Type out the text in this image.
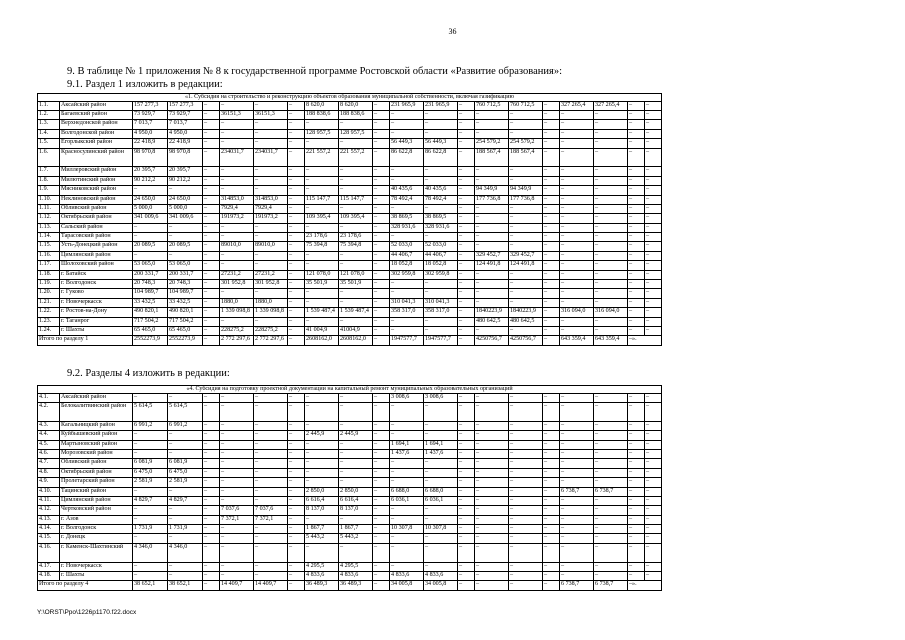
36
9. В таблице № 1 приложения № 8 к государственной программе Ростовской области «Развитие образования»:
9.1. Раздел 1 изложить в редакции:
«1. Субсидия на строительство и реконструкцию объектов образования муниципальной собственности, включая газификацию																				
1.1.	Аксайский район	157 277,3	157 277,3	–	–	–	–	8 620,0	8 620,0	–	231 965,9	231 965,9	–	760 712,5	760 712,5	–	327 265,4	327 265,4	–	–
1.2.	Багаевский район	73 929,7	73 929,7	–	36151,3	36151,3	–	188 838,6	188 838,6	–	–	–	–	–	–	–	–	–	–	–
1.3.	Верхнедонской район	7 013,7	7 013,7	–	–	–	–	–	–	–	–	–	–	–	–	–	–	–	–	–
1.4.	Волгодонской район	4 950,0	4 950,0	–	–	–	–	128 957,5	128 957,5	–	–	–	–	–	–	–	–	–	–	–
1.5.	Егорлыкский район	22 418,9	22 418,9	–	–	–	–	–	–	–	56 449,3	56 449,3	–	254 579,2	254 579,2	–	–	–	–	–
1.6.	Красносулинский район	98 970,8	98 970,8	–	234031,7	234031,7	–	221 557,2	221 557,2	–	86 622,8	86 622,8	–	188 567,4	188 567,4	–	–	–	–	–
1.7.	Миллеровский район	20 395,7	20 395,7	–	–	–	–	–	–	–	–	–	–	–	–	–	–	–	–	–
1.8.	Милютинский район	90 212,2	90 212,2	–	–	–	–	–	–	–	–	–	–	–	–	–	–	–	–	–
1.9.	Мясниковский район	–	–	–	–	–	–	–	–	–	40 435,6	40 435,6	–	94 349,9	94 349,9	–	–	–	–	–
1.10.	Неклиновский район	24 650,0	24 650,0	–	314853,0	314853,0	–	115 147,7	115 147,7	–	78 492,4	78 492,4	–	177 736,8	177 736,8	–	–	–	–	–
1.11.	Обливский район	5 000,0	5 000,0	–	7929,4	7929,4	–	–	–	–	–	–	–	–	–	–	–	–	–	–
1.12.	Октябрьский район	341 009,6	341 009,6	–	191973,2	191973,2	–	109 395,4	109 395,4	–	38 869,5	38 869,5	–	–	–	–	–	–	–	–
1.13.	Сальский район	–	–	–	–	–	–	–	–	–	328 931,6	328 931,6	–	–	–	–	–	–	–	–
1.14.	Тарасовский район	–	–	–	–	–	–	23 178,6	23 178,6	–	–	–	–	–	–	–	–	–	–	–
1.15.	Усть-Донецкий район	20 089,5	20 089,5	–	89010,0	89010,0	–	75 394,8	75 394,8	–	52 033,0	52 033,0	–	–	–	–	–	–	–	–
1.16.	Цимлянский район	–	–	–	–	–	–	–	–	–	44 406,7	44 406,7	–	329 452,7	329 452,7	–	–	–	–	–
1.17.	Шолоховский район	53 065,0	53 065,0	–	–	–	–	–	–	–	18 052,8	18 052,8	–	124 491,8	124 491,8	–	–	–	–	–
1.18.	г. Батайск	200 331,7	200 331,7	–	27231,2	27231,2	–	121 078,0	121 078,0	–	302 959,8	302 959,8	–	–	–	–	–	–	–	–
1.19.	г. Волгодонск	20 748,3	20 748,3	–	301 952,8	301 952,8	–	35 501,9	35 501,9	–	–	–	–	–	–	–	–	–	–	–
1.20.	г. Гуково	104 989,7	104 989,7	–	–	–	–	–	–	–	–	–	–	–	–	–	–	–	–	–
1.21.	г. Новочеркасск	33 432,5	33 432,5	–	1880,0	1880,0	–	–	–	–	310 041,3	310 041,3	–	–	–	–	–	–	–	–
1.22.	г. Ростов-на-Дону	490 820,1	490 820,1	–	1 339 098,8	1 339 098,8	–	1 539 487,4	1 539 487,4	–	358 317,0	358 317,0	–	1840223,9	1840223,9	–	316 094,0	316 094,0	–	–
1.23.	г. Таганрог	717 504,2	717 504,2	–	–	–	–	–	–	–	–	–	–	480 642,5	480 642,5	–	–	–	–	–
1.24.	г. Шахты	65 465,0	65 465,0	–	228275,2	228275,2	–	41 004,9	41004,9	–	–	–	–	–	–	–	–	–	–	–
Итого по разделу 1		2552273,9	2552273,9	–	2 772 297,6	2 772 297,6	–	2608162,0	2608162,0	–	1947577,7	1947577,7	–	4250756,7	4250756,7	–	643 359,4	643 359,4	–».	
9.2. Разделы 4 изложить в редакции:
«4. Субсидия на подготовку проектной документации на капитальный ремонт муниципальных образовательных организаций																				
4.1.	Аксайский район	–	–	–	–	–	–	–	–	–	3 008,6	3 008,6	–	–	–	–	–	–	–	–
4.2.	Белокалитвинский район	5 614,5	5 614,5	–	–	–	–	–	–	–	–	–	–	–	–	–	–	–	–	–
4.3.	Кагальницкий район	6 991,2	6 991,2	–	–	–	–	–	–	–	–	–	–	–	–	–	–	–	–	–
4.4.	Куйбышевский район	–	–	–	–	–	–	2 445,9	2 445,9	–	–	–	–	–	–	–	–	–	–	–
4.5.	Мартыновский район	–	–	–	–	–	–	–	–	–	1 694,1	1 694,1	–	–	–	–	–	–	–	–
4.6.	Морозовский район	–	–	–	–	–	–	–	–	–	1 437,6	1 437,6	–	–	–	–	–	–	–	–
4.7.	Обливский район	6 081,9	6 081,9	–	–	–	–	–	–	–	–	–	–	–	–	–	–	–	–	–
4.8.	Октябрьский район	6 475,0	6 475,0	–	–	–	–	–	–	–	–	–	–	–	–	–	–	–	–	–
4.9.	Пролетарский район	2 581,9	2 581,9	–	–	–	–	–	–	–	–	–	–	–	–	–	–	–	–	–
4.10.	Тацинский район	–	–	–	–	–	–	2 850,0	2 850,0	–	6 688,0	6 688,0	–	–	–	–	6 738,7	6 738,7	–	–
4.11.	Цимлянский район	4 829,7	4 829,7	–	–	–	–	6 616,4	6 616,4	–	6 036,1	6 036,1	–	–	–	–	–	–	–	–
4.12.	Чертковский район	–	–	–	7 037,6	7 037,6	–	8 137,0	8 137,0	–	–	–	–	–	–	–	–	–	–	–
4.13.	г. Азов	–	–	–	7 372,1	7 372,1	–	–	–	–	–	–	–	–	–	–	–	–	–	–
4.14.	г. Волгодонск	1 731,9	1 731,9	–	–	–	–	1 867,7	1 867,7	–	10 307,8	10 307,8	–	–	–	–	–	–	–	–
4.15.	г. Донецк	–	–	–	–	–	–	5 443,2	5 443,2	–	–	–	–	–	–	–	–	–	–	–
4.16.	г. Каменск-Шахтинский	4 346,0	4 346,0	–	–	–	–	–	–	–	–	–	–	–	–	–	–	–	–	–
4.17.	г. Новочеркасск	–	–	–	–	–	–	4 295,5	4 295,5	–	–	–	–	–	–	–	–	–	–	–
4.18.	г. Шахты	–	–	–	–	–	–	4 833,6	4 833,6	–	4 833,6	4 833,6	–	–	–	–	–	–	–	–
Итого по разделу 4		38 652,1	38 652,1	–	14 409,7	14 409,7	–	36 489,3	36 489,3	–	34 005,8	34 005,8	–	–	–	–	6 738,7	6 738,7	–».	
Y:\ORST\Ppo\1226p1170.f22.docx
